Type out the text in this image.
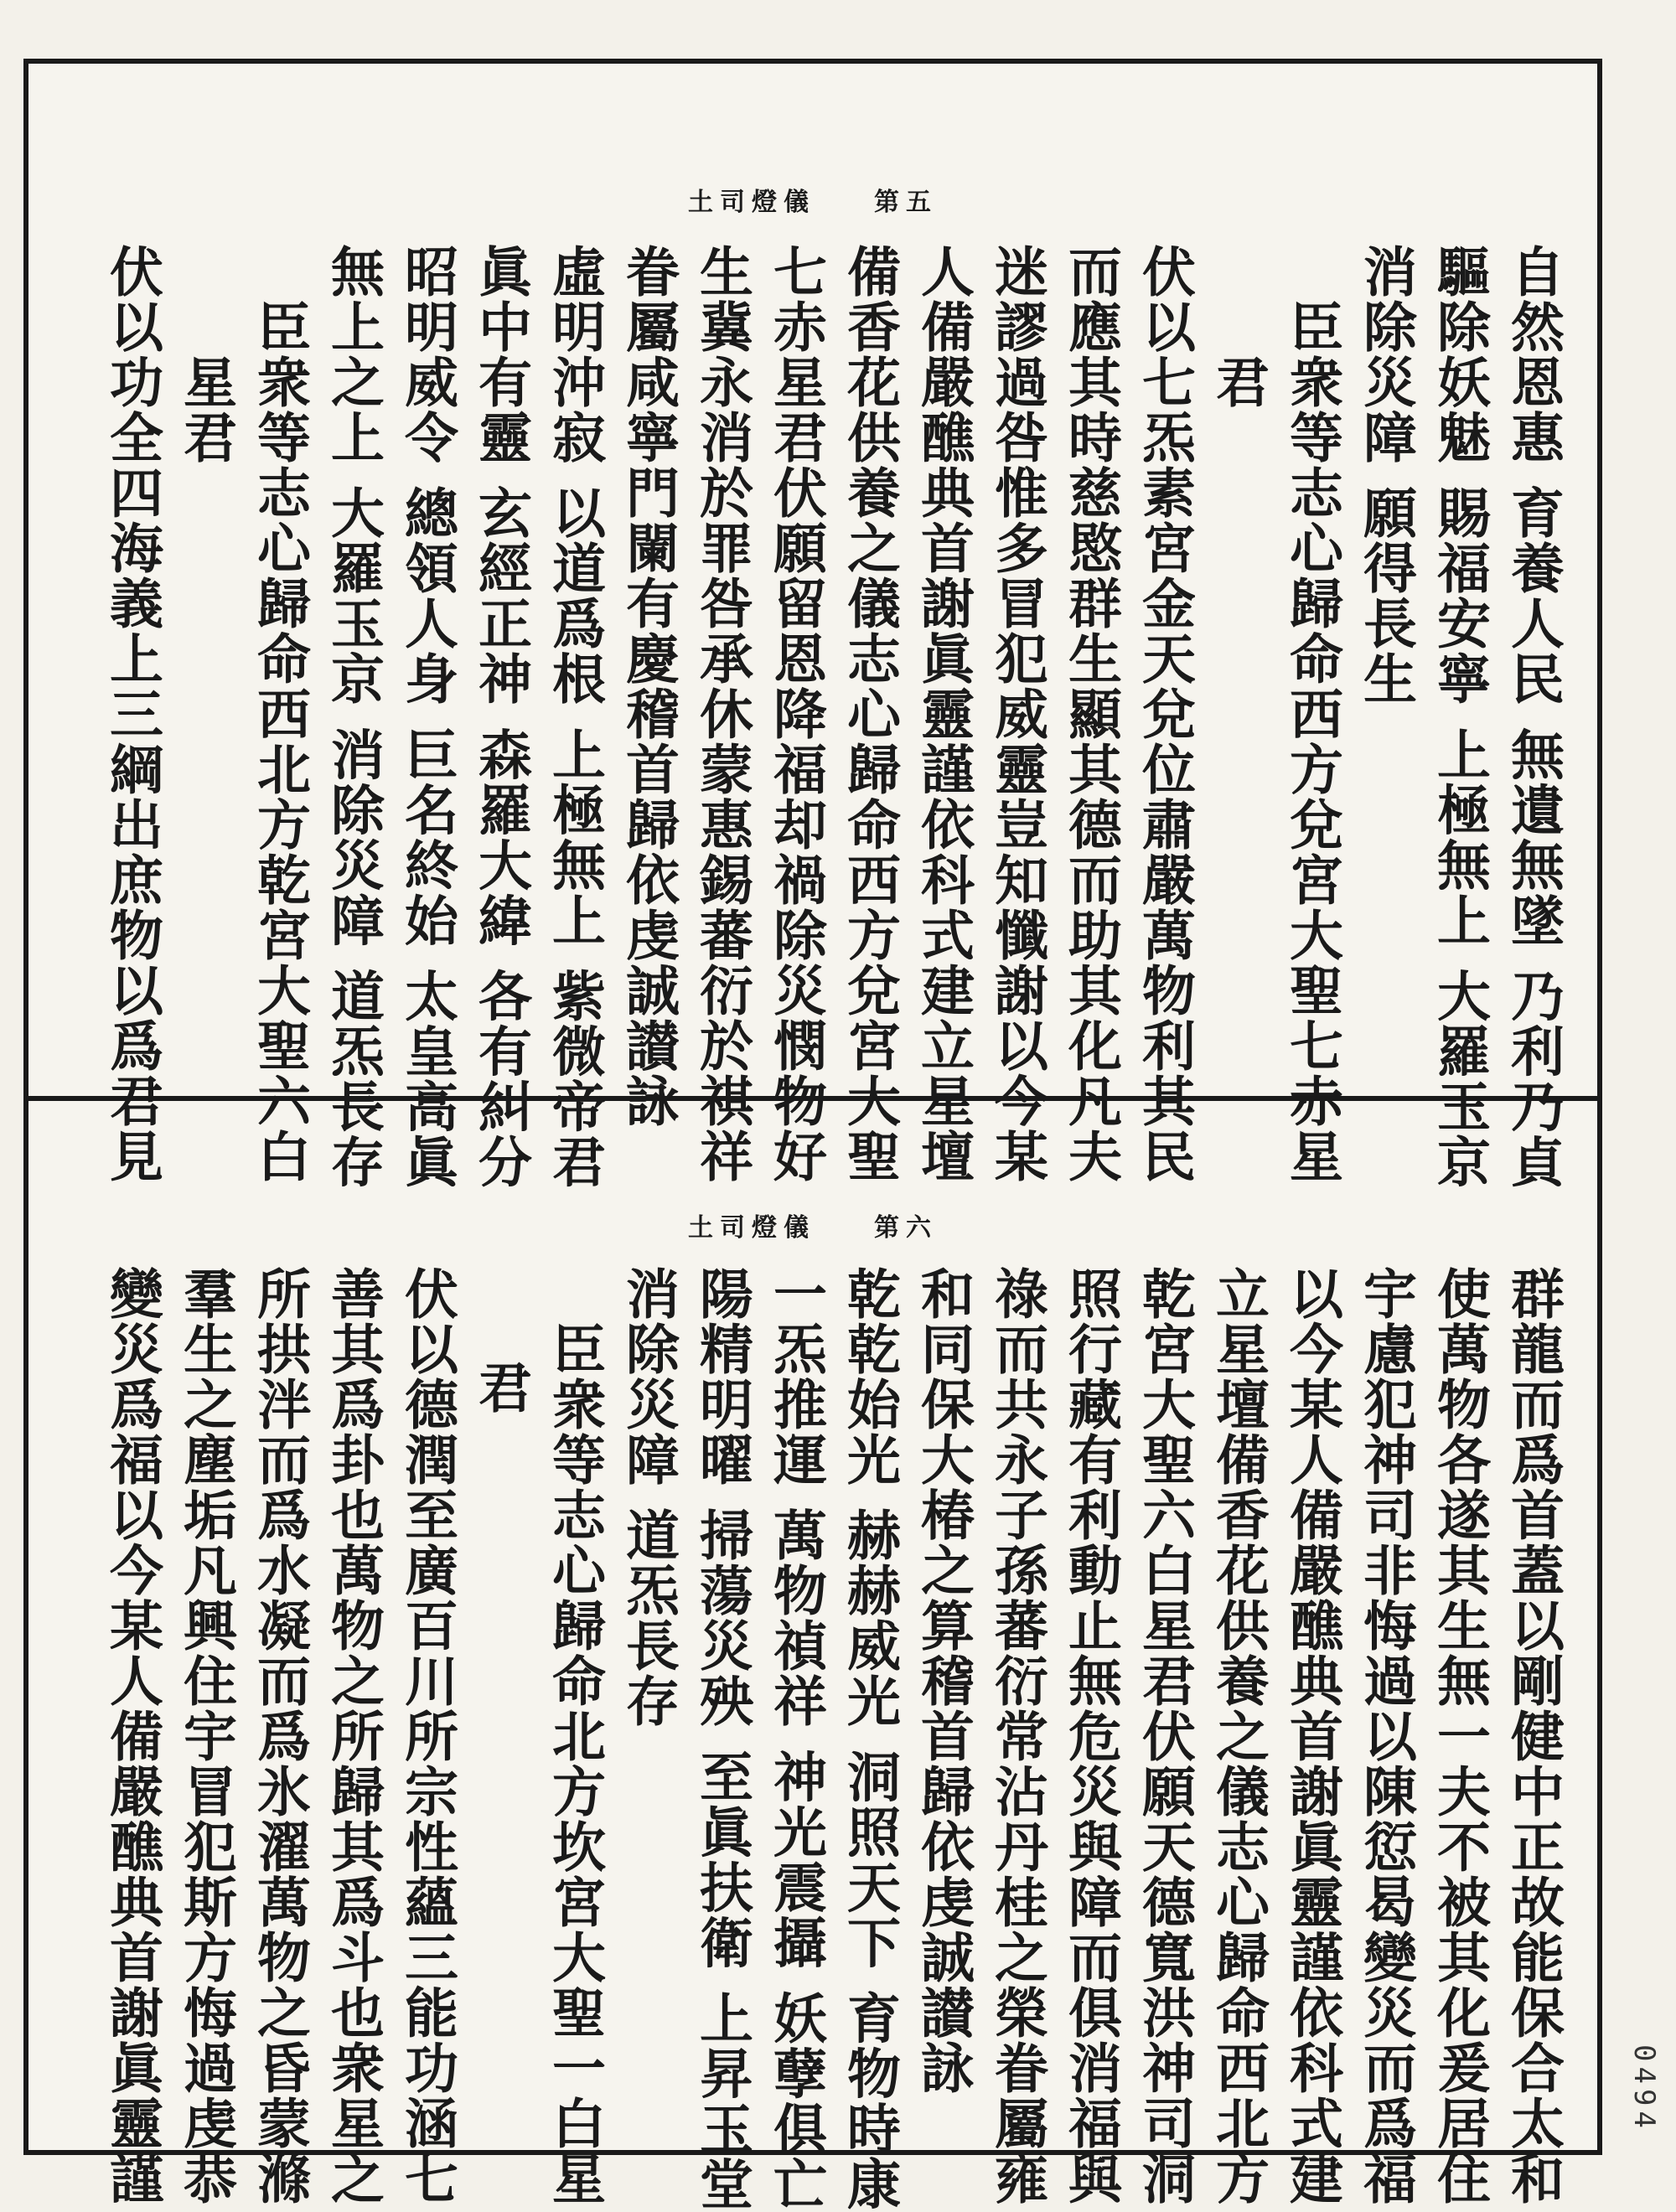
土司燈儀 第五
自然恩惠 育養人民 無遺無墜 乃利乃貞
驅除妖魅 賜福安寧 上極無上 大羅玉京
消除災障 願得長生
臣衆等志心歸命西方兌宮大聖七赤星
君
伏以七炁素宮金天兌位肅嚴萬物利其民
而應其時慈愍群生顯其德而助其化凡夫
迷謬過咎惟多冒犯威靈豈知懺謝以今某
人備嚴醮典首謝眞靈謹依科式建立星壇
備香花供養之儀志心歸命西方兌宮大聖
七赤星君伏願留恩降福却禍除災憫物好
生冀永消於罪咎承休蒙惠錫蕃衍於祺祥
眷屬咸寧門闌有慶稽首歸依虔誠讃詠
虛明沖寂 以道爲根 上極無上 紫微帝君
眞中有靈 玄經正神 森羅大緯 各有糾分
昭明威令 總領人身 巨名終始 太皇高眞
無上之上 大羅玉京 消除災障 道炁長存
臣衆等志心歸命西北方乾宮大聖六白
星君
伏以功全四海義上三綱出庶物以爲君見
土司燈儀 第六
群龍而爲首蓋以剛健中正故能保合太和
使萬物各遂其生無一夫不被其化爰居住
宇慮犯神司非悔過以陳愆曷變災而爲福
以今某人備嚴醮典首謝眞靈謹依科式建
立星壇備香花供養之儀志心歸命西北方
乾宮大聖六白星君伏願天德寬洪神司洞
照行藏有利動止無危災與障而俱消福與
祿而共永子孫蕃衍常沾丹桂之榮眷屬雍
和同保大椿之算稽首歸依虔誠讃詠
乾乾始光 赫赫威光 洞照天下 育物時康
一炁推運 萬物禎祥 神光震攝 妖孽俱亡
陽精明曜 掃蕩災殃 至眞扶衛 上昇玉堂
消除災障 道炁長存
臣衆等志心歸命北方坎宮大聖一白星
君
伏以德潤至廣百川所宗性蘊三能功涵七
善其爲卦也萬物之所歸其爲斗也衆星之
所拱泮而爲水凝而爲氷濯萬物之昏蒙滌
羣生之塵垢凡興住宇冒犯斯方悔過虔恭
變災爲福以今某人備嚴醮典首謝眞靈謹	0494
